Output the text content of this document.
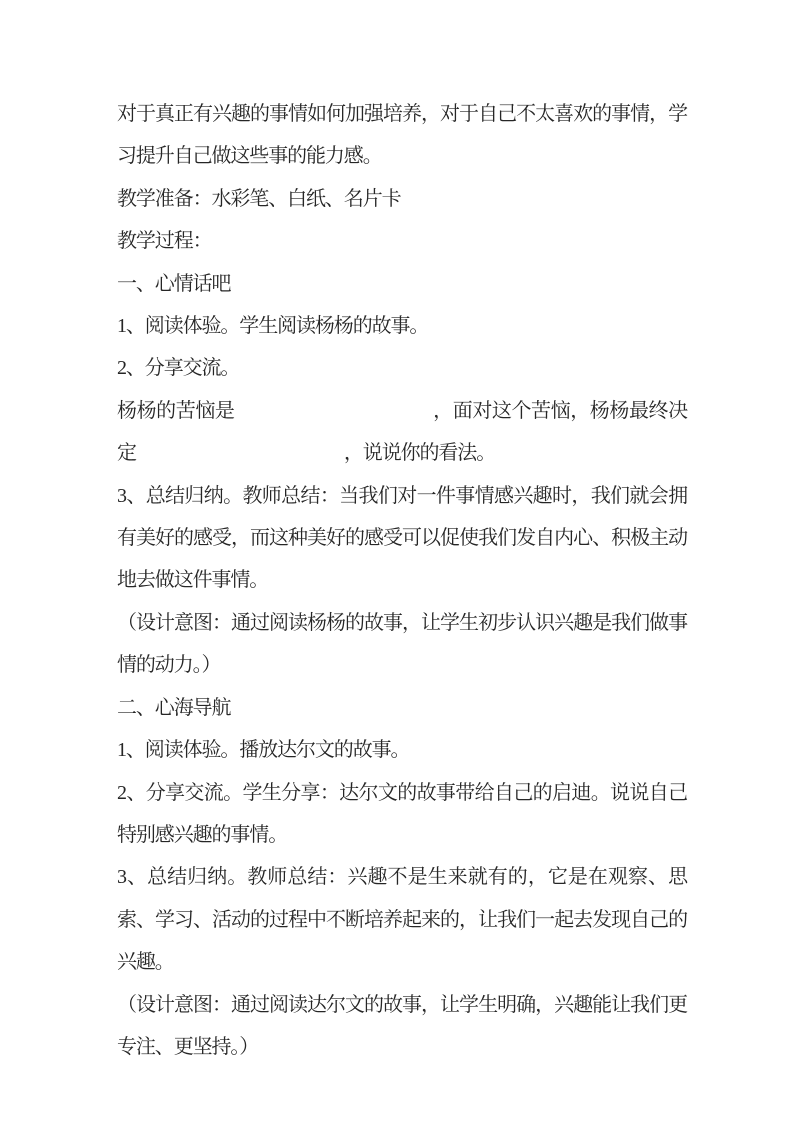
对于真正有兴趣的事情如何加强培养，对于自己不太喜欢的事情，学习提升自己做这些事的能力感。

教学准备：水彩笔、白纸、名片卡

教学过程：

一、心情话吧

1、阅读体验。学生阅读杨杨的故事。

2、分享交流。

杨杨的苦恼是	，面对这个苦恼，杨杨最终决
定	，说说你的看法。

3、总结归纳。教师总结：当我们对一件事情感兴趣时，我们就会拥有美好的感受，而这种美好的感受可以促使我们发自内心、积极主动地去做这件事情。

（设计意图：通过阅读杨杨的故事，让学生初步认识兴趣是我们做事情的动力。）

二、心海导航

1、阅读体验。播放达尔文的故事。

2、分享交流。学生分享：达尔文的故事带给自己的启迪。说说自己特别感兴趣的事情。

3、总结归纳。教师总结：兴趣不是生来就有的，它是在观察、思索、学习、活动的过程中不断培养起来的，让我们一起去发现自己的兴趣。

（设计意图：通过阅读达尔文的故事，让学生明确，兴趣能让我们更专注、更坚持。）
